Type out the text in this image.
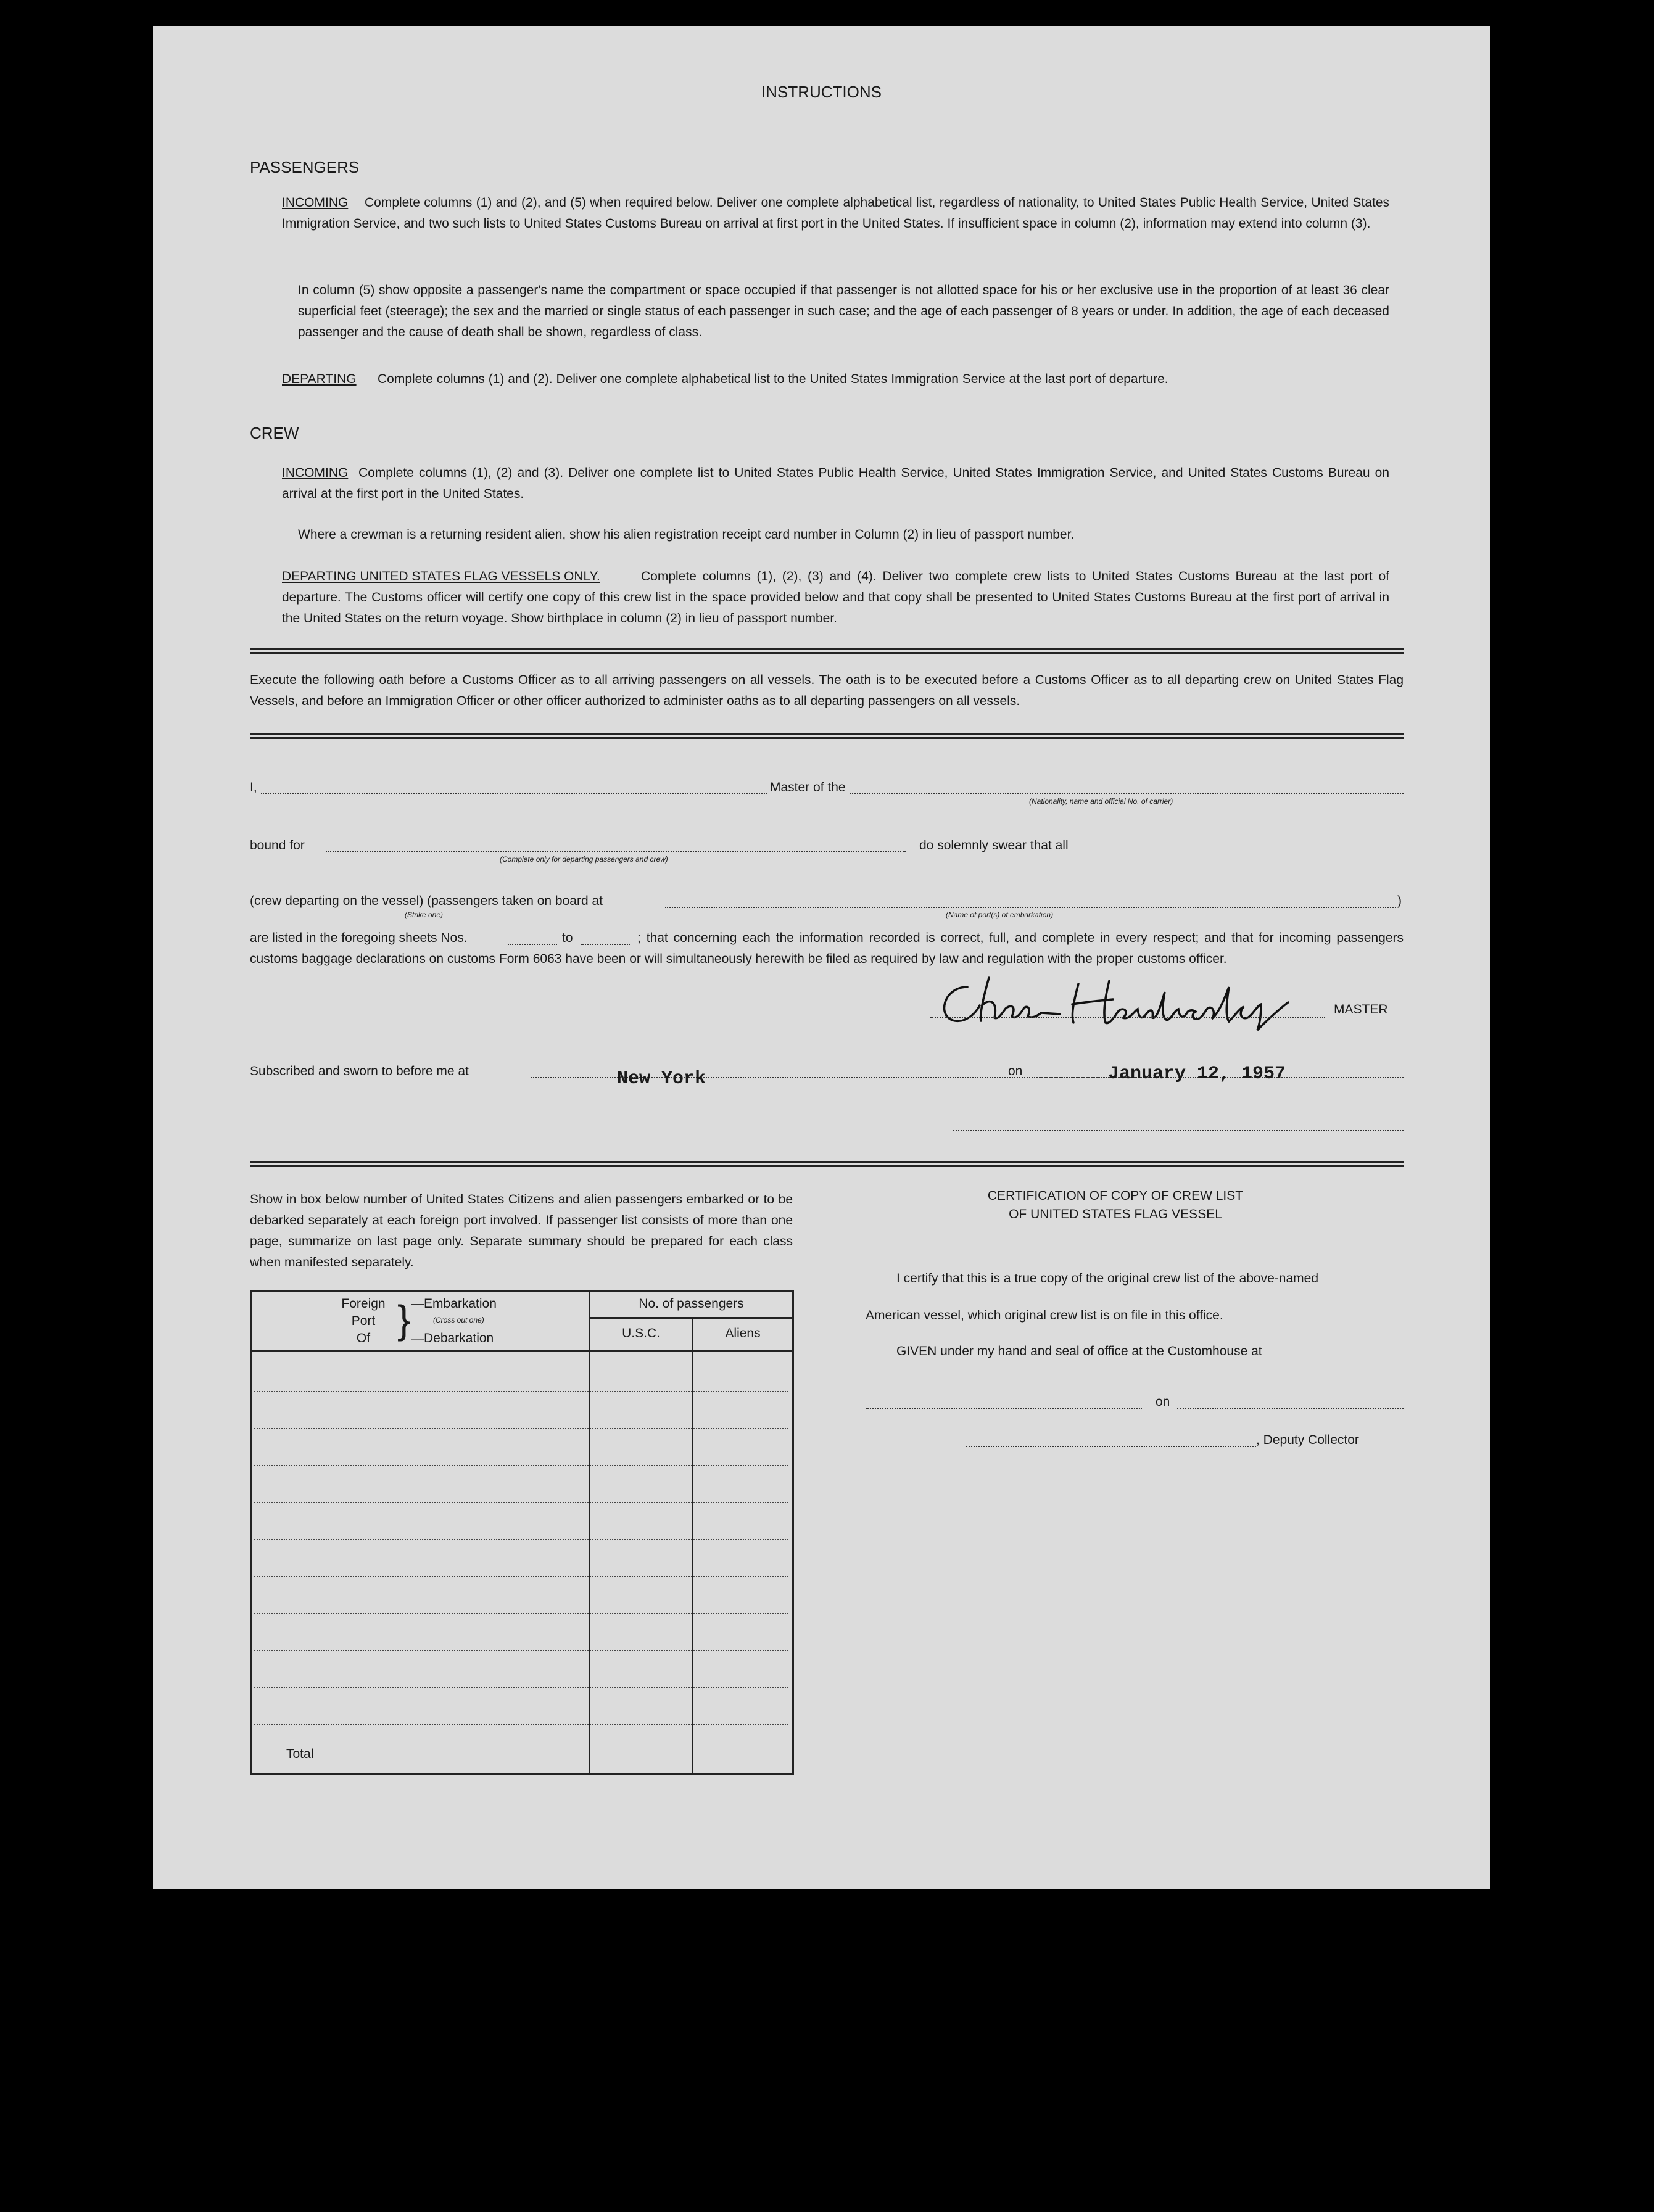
INSTRUCTIONS
PASSENGERS
INCOMING	Complete columns (1) and (2), and (5) when required below. Deliver one complete alphabetical list, regardless of nationality, to United States Public Health Service, United States Immigration Service, and two such lists to United States Customs Bureau on arrival at first port in the United States. If insufficient space in column (2), information may extend into column (3).
In column (5) show opposite a passenger's name the compartment or space occupied if that passenger is not allotted space for his or her exclusive use in the proportion of at least 36 clear superficial feet (steerage); the sex and the married or single status of each passenger in such case; and the age of each passenger of 8 years or under. In addition, the age of each deceased passenger and the cause of death shall be shown, regardless of class.
DEPARTING Complete columns (1) and (2). Deliver one complete alphabetical list to the United States Immigration Service at the last port of departure.
CREW
INCOMING Complete columns (1), (2) and (3). Deliver one complete list to United States Public Health Service, United States Immigration Service, and United States Customs Bureau on arrival at the first port in the United States.
Where a crewman is a returning resident alien, show his alien registration receipt card number in Column (2) in lieu of passport number.
DEPARTING UNITED STATES FLAG VESSELS ONLY.	Complete columns (1), (2), (3) and (4). Deliver two complete crew lists to United States Customs Bureau at the last port of departure. The Customs officer will certify one copy of this crew list in the space provided below and that copy shall be presented to United States Customs Bureau at the first port of arrival in the United States on the return voyage. Show birthplace in column (2) in lieu of passport number.
Execute the following oath before a Customs Officer as to all arriving passengers on all vessels. The oath is to be executed before a Customs Officer as to all departing crew on United States Flag Vessels, and before an Immigration Officer or other officer authorized to administer oaths as to all departing passengers on all vessels.
I,	Master of the
(Nationality, name and official No. of carrier)
bound for
(Complete only for departing passengers and crew)
do solemnly swear that all
(crew departing on the vessel) (passengers taken on board at	)
(Strike one)	(Name of port(s) of embarkation)
are listed in the foregoing sheets Nos.	to	; that concerning each the information recorded is correct, full, and complete in every respect; and that for incoming passengers customs baggage declarations on customs Form 6063 have been or will simultaneously herewith be filed as required by law and regulation with the proper customs officer.
MASTER
Subscribed and sworn to before me at	New York	on	January 12, 1957
Show in box below number of United States Citizens and alien passengers embarked or to be debarked separately at each foreign port involved. If passenger list consists of more than one page, summarize on last page only. Separate summary should be prepared for each class when manifested separately.
Foreign
Port
Of } —Embarkation
(Cross out one)
—Debarkation
No. of passengers
U.S.C.	Aliens
Total
CERTIFICATION OF COPY OF CREW LIST
OF UNITED STATES FLAG VESSEL
I certify that this is a true copy of the original crew list of the above-named
American vessel, which original crew list is on file in this office.
GIVEN under my hand and seal of office at the Customhouse at
on
, Deputy Collector
